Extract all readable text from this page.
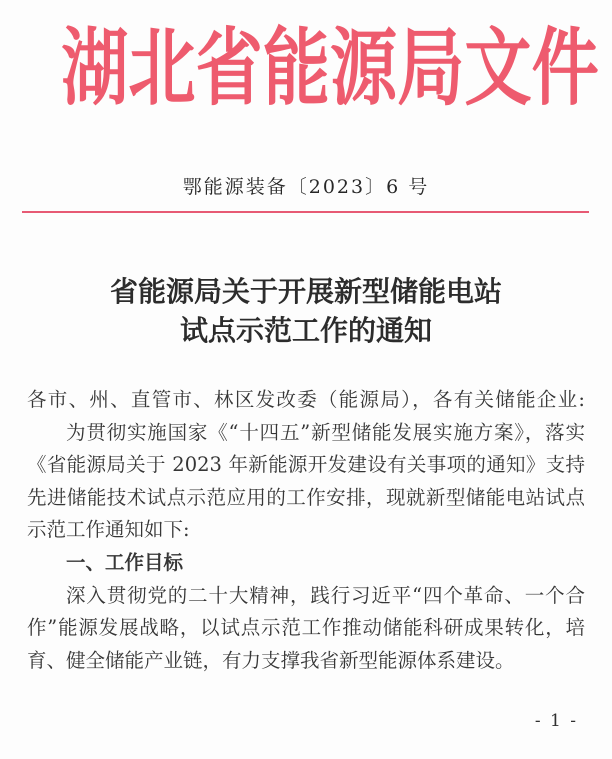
湖北省能源局文件
鄂能源装备〔2023〕6 号
省能源局关于开展新型储能电站
试点示范工作的通知
各市、州、直管市、林区发改委（能源局），各有关储能企业:
为贯彻实施国家《“十四五”新型储能发展实施方案》，落实
《省能源局关于 2023 年新能源开发建设有关事项的通知》支持
先进储能技术试点示范应用的工作安排，现就新型储能电站试点
示范工作通知如下:
一、工作目标
深入贯彻党的二十大精神，践行习近平“四个革命、一个合
作”能源发展战略，以试点示范工作推动储能科研成果转化，培
育、健全储能产业链，有力支撑我省新型能源体系建设。
- 1 -
